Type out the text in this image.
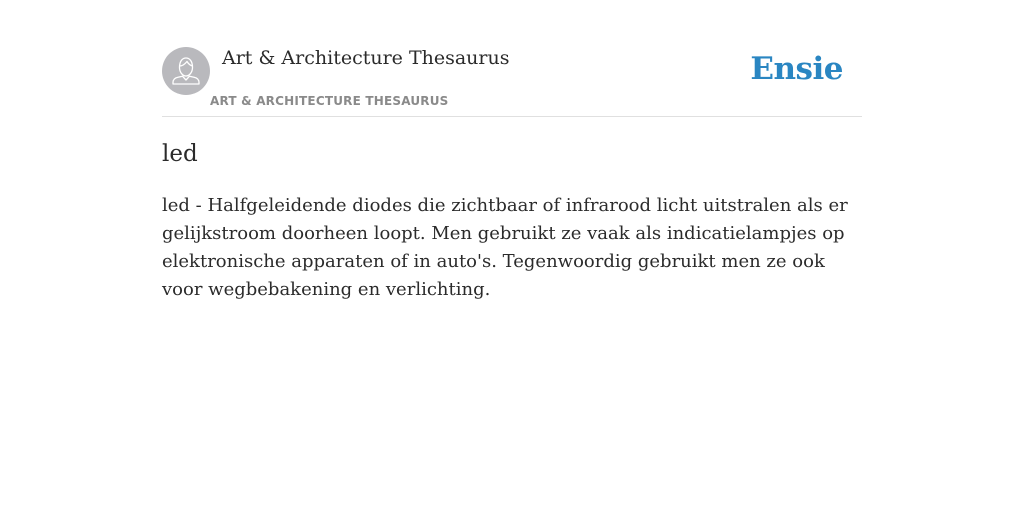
Art & Architecture Thesaurus
ART & ARCHITECTURE THESAURUS
Ensie
led

led - Halfgeleidende diodes die zichtbaar of infrarood licht uitstralen als er gelijkstroom doorheen loopt. Men gebruikt ze vaak als indicatielampjes op elektronische apparaten of in auto's. Tegenwoordig gebruikt men ze ook voor wegbebakening en verlichting.
